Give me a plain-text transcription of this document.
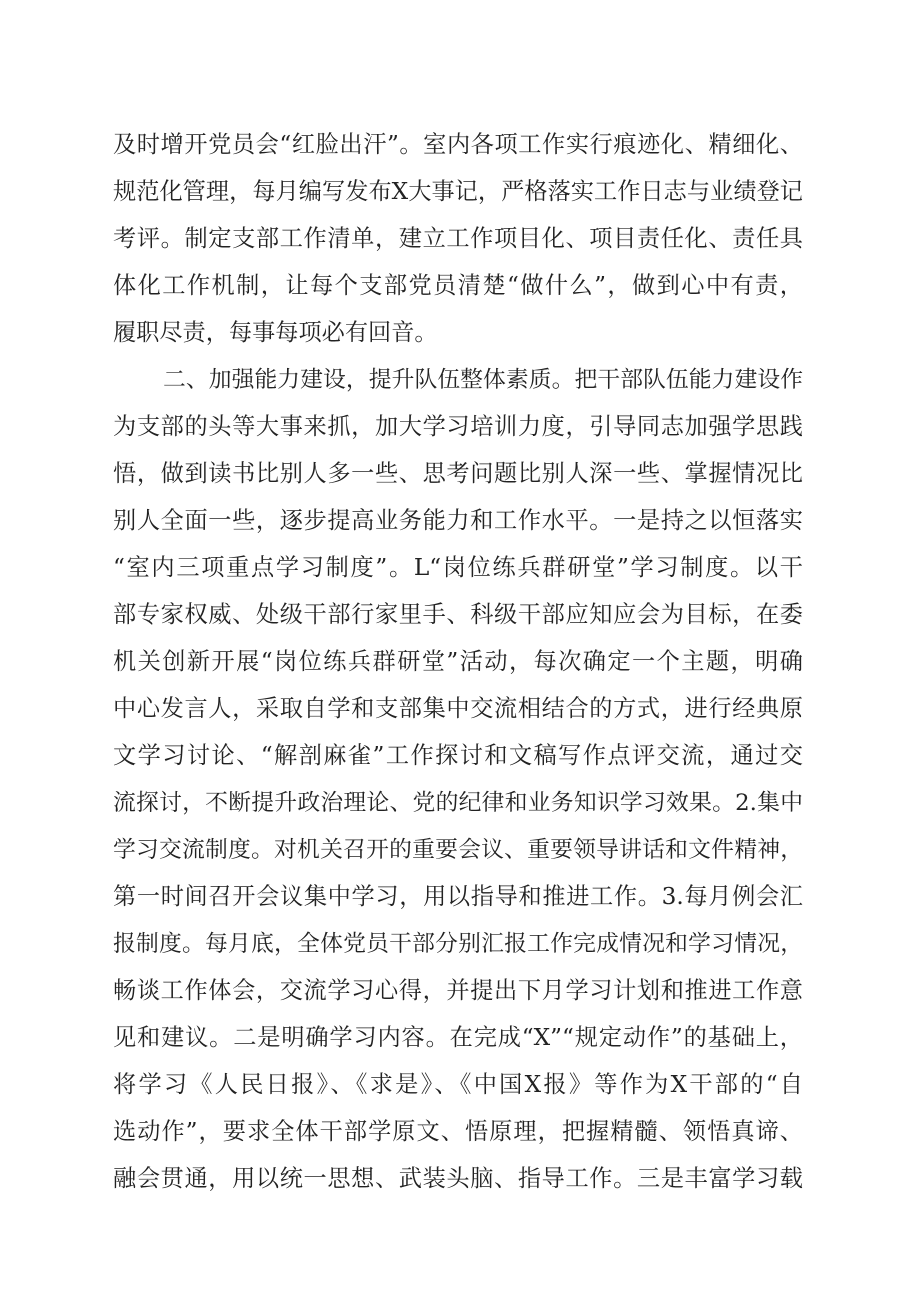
及时增开党员会“红脸出汗”。室内各项工作实行痕迹化、精细化、
规范化管理，每月编写发布X大事记，严格落实工作日志与业绩登记
考评。制定支部工作清单，建立工作项目化、项目责任化、责任具
体化工作机制，让每个支部党员清楚“做什么”，做到心中有责，
履职尽责，每事每项必有回音。
二、加强能力建设，提升队伍整体素质。把干部队伍能力建设作
为支部的头等大事来抓，加大学习培训力度，引导同志加强学思践
悟，做到读书比别人多一些、思考问题比别人深一些、掌握情况比
别人全面一些，逐步提高业务能力和工作水平。一是持之以恒落实
“室内三项重点学习制度”。L“岗位练兵群研堂”学习制度。以干
部专家权威、处级干部行家里手、科级干部应知应会为目标，在委
机关创新开展“岗位练兵群研堂”活动，每次确定一个主题，明确
中心发言人，采取自学和支部集中交流相结合的方式，进行经典原
文学习讨论、“解剖麻雀”工作探讨和文稿写作点评交流，通过交
流探讨，不断提升政治理论、党的纪律和业务知识学习效果。2.集中
学习交流制度。对机关召开的重要会议、重要领导讲话和文件精神，
第一时间召开会议集中学习，用以指导和推进工作。3.每月例会汇
报制度。每月底，全体党员干部分别汇报工作完成情况和学习情况，
畅谈工作体会，交流学习心得，并提出下月学习计划和推进工作意
见和建议。二是明确学习内容。在完成“X”“规定动作”的基础上，
将学习《人民日报》、《求是》、《中国X报》等作为X干部的“自
选动作”，要求全体干部学原文、悟原理，把握精髓、领悟真谛、
融会贯通，用以统一思想、武装头脑、指导工作。三是丰富学习载
